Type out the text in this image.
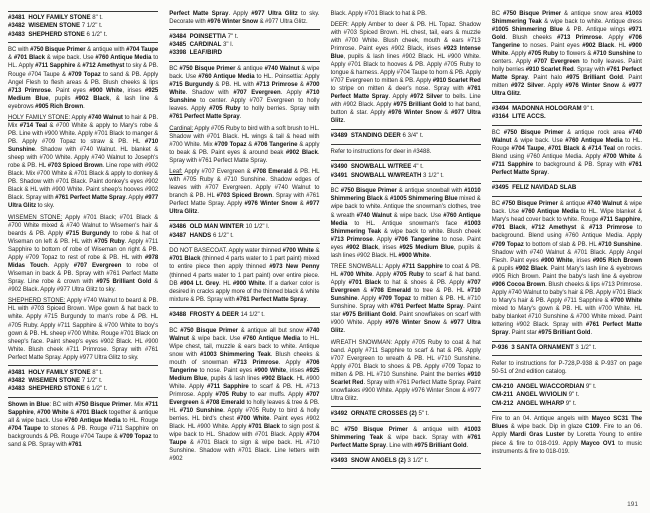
#3481  HOLY FAMILY STONE 8" t.
#3482  WISEMEN STONE 7 1/2" t.
#3483  SHEPHERD STONE 6 1/2" t.

BC with #750 Bisque Primer & antique with #704 Taupe & #701 Black & wipe back. Use #760 Antique Media to HL. Apply #711 Sapphire & #712 Amethyst to sky & PB. Rouge #704 Taupe & #709 Topaz to sand & PB. Apply Angel Flesh to flesh areas & PB. Blush cheeks & lips #713 Primrose. Paint eyes #900 White, irises #925 Medium Blue, pupils #902 Black, & lash line & eyebrows #905 Rich Brown.

HOLY FAMILY STONE: Apply #740 Walnut to hair & PB. Mix #714 Teal & #700 White & apply to Mary's robe & PB. Line with #900 White. Apply #701 Black to manger & PB. Apply #709 Topaz to straw & PB. HL #710 Sunshine. Shadow with #740 Walnut. HL blanket & sheep with #700 White. Apply #740 Walnut to Joseph's robe & PB. HL #703 Spiced Brown. Line rope with #902 Black. Mix #700 White & #701 Black & apply to donkey & PB. Shadow with #701 Black. Paint donkey's eyes #902 Black & HL with #900 White. Paint sheep's hooves #902 Black. Spray with #761 Perfect Matte Spray. Apply #977 Ultra Glitz to sky.

WISEMEN STONE: Apply #701 Black; #701 Black & #700 White mixed & #740 Walnut to Wisemen's hair & beards & PB. Apply #715 Burgundy to robe & hat of Wiseman on left & PB. HL with #705 Ruby. Apply #711 Sapphire to bottom of robe of Wiseman on right & PB. Apply #709 Topaz to rest of robe & PB. HL with #978 Midas Touch. Apply #707 Evergreen to robe of Wiseman in back & PB. Spray with #761 Perfect Matte Spray. Line robe & crown with #975 Brilliant Gold & #902 Black. Apply #977 Ultra Glitz to sky.

SHEPHERD STONE: Apply #740 Walnut to beard & PB. HL with #703 Spiced Brown. Wipe gown & hat back to white. Apply #715 Burgundy to man's robe & PB. HL #705 Ruby. Apply #711 Sapphire & #700 White to boy's gown & PB. HL sheep #700 White. Rouge #701 Black on sheep's face. Paint sheep's eyes #902 Black. HL #900 White. Blush cheek #711 Primrose. Spray with #761 Perfect Matte Spray. Apply #977 Ultra Glitz to sky.

#3481  HOLY FAMILY STONE 8" t.
#3482  WISEMEN STONE 7 1/2" t.
#3483  SHEPHERD STONE 6 1/2" t.

Shown in Blue: BC with #750 Bisque Primer. Mix #711 Sapphire, #700 White & #701 Black together & antique all & wipe back. Use #760 Antique Media to HL. Rouge #704 Taupe to stones & PB. Rouge #711 Sapphire on backgrounds & PB. Rouge #704 Taupe & #709 Topaz to sand & PB. Spray with #761

Perfect Matte Spray. Apply #977 Ultra Glitz to sky. Decorate with #976 Winter Snow & #977 Ultra Glitz.

#3484  POINSETTIA 7" t.
#3485  CARDINAL 3" l.
#3398  LEAF/BIRD

BC #750 Bisque Primer & antique #740 Walnut & wipe back. Use #760 Antique Media to HL. Poinsettia: Apply #715 Burgundy & PB. HL with #713 Primrose & #700 White. Shadow with #707 Evergreen. Apply #710 Sunshine to center. Apply #707 Evergreen to holly leaves. Apply #705 Ruby to holly berries. Spray with #761 Perfect Matte Spray.

Cardinal: Apply #705 Ruby to bird with a soft brush to HL. Shadow with #701 Black. HL wings & tail & head with #700 White. Mix #709 Topaz & #706 Tangerine & apply to beak & PB. Paint eyes & around beak #902 Black. Spray with #761 Perfect Matte Spray.

Leaf: Apply #707 Evergreen & #708 Emerald & PB. HL with #705 Ruby & #710 Sunshine. Shadow edges of leaves with #707 Evergreen. Apply #740 Walnut to branch & PB. HL #703 Spiced Brown. Spray with #761 Perfect Matte Spray. Apply #976 Winter Snow & #977 Ultra Glitz.

#3486  OLD MAN WINTER 10 1/2" l.
#3487  HANDS 6 1/2" t.

DO NOT BASECOAT. Apply water thinned #700 White & #701 Black (thinned 4 parts water to 1 part paint) mixed to entire piece then apply thinned #973 New Penny (thinned 4 parts water to 1 part paint) over entire piece. DB #904 Lt. Grey. HL #900 White. If a darker color is desired in cracks apply more of the thinned black & white mixture & PB. Spray with #761 Perfect Matte Spray.

#3488  FROSTY & DEER 14 1/2" t.

BC #750 Bisque Primer & antique all but snow #740 Walnut & wipe back. Use #760 Antique Media to HL. Wipe chest, tail, muzzle & ears back to white. Antique snow with #1003 Shimmering Teak. Blush cheeks & mouth of snowman #713 Primrose. Apply #706 Tangerine to nose. Paint eyes #900 White, irises #925 Medium Blue, pupils & lash lines #902 Black. HL #900 White. Apply #711 Sapphire to scarf & PB. HL #713 Primrose. Apply #705 Ruby to ear muffs. Apply #707 Evergreen & #708 Emerald to holly leaves & tree & PB. HL #710 Sunshine. Apply #705 Ruby to bird & holly berries. HL bird's chest #700 White. Paint eyes #902 Black. HL #900 White. Apply #701 Black to sign post & wipe back to HL. Shadow with #701 Black. Apply #704 Taupe & #701 Black to sign & wipe back. HL #710 Sunshine. Shadow with #701 Black. Line letters with #902

Black. Apply #701 Black to hat & PB.

DEER: Apply Amber to deer & PB. HL Topaz. Shadow with #703 Spiced Brown. HL chest, tail, ears & muzzle with #700 White. Blush cheek, mouth & ears #713 Primrose. Paint eyes #902 Black, irises #923 Intense Blue, pupils & lash lines #902 Black. HL #900 White. Apply #701 Black to hooves & PB. Apply #705 Ruby to tongue & harness. Apply #704 Taupe to horn & PB. Apply #707 Evergreen to mitten & PB. Apply #910 Scarlet Red to stripe on mitten & deer's nose. Spray with #761 Perfect Matte Spray. Apply #972 Silver to bells. Line with #902 Black. Apply #975 Brilliant Gold to hat band, button & star. Apply #976 Winter Snow & #977 Ultra Glitz.

#3489  STANDING DEER 6 3/4" t.

Refer to instructions for deer in #3488.

#3490  SNOWBALL W/TREE 4" t.
#3491  SNOWBALL W/WREATH 3 1/2" t.

BC #750 Bisque Primer & antique snowball with #1010 Shimmering Black & #1005 Shimmering Blue mixed & wipe back to white. Antique the snowman's clothes, tree & wreath #740 Walnut & wipe back. Use #760 Antique Media to HL. Antique snowman's face #1003 Shimmering Teak & wipe back to white. Blush cheek #713 Primrose. Apply #706 Tangerine to nose. Paint eyes #902 Black, irises #925 Medium Blue, pupils & lash lines #902 Black. HL #900 White.

TREE SNOWBALL: Apply #711 Sapphire to coat & PB. HL #700 White. Apply #705 Ruby to scarf & hat band. Apply #701 Black to hat & shoes & PB. Apply #707 Evergreen & #708 Emerald to tree & PB. HL #710 Sunshine. Apply #709 Topaz to mitten & PB. HL #710 Sunshine. Spray with #761 Perfect Matte Spray. Paint star #975 Brilliant Gold. Paint snowflakes on scarf with #900 White. Apply #976 Winter Snow & #977 Ultra Glitz.

WREATH SNOWMAN: Apply #705 Ruby to coat & hat band. Apply #711 Sapphire to scarf & hat & PB. Apply #707 Evergreen to wreath & PB. HL #710 Sunshine. Apply #701 Black to shoes & PB. Apply #709 Topaz to mitten & PB. HL #710 Sunshine. Paint the berries #910 Scarlet Red. Spray with #761 Perfect Matte Spray. Paint snowflakes #900 White. Apply #976 Winter Snow & #977 Ultra Glitz.

#3492  ORNATE CROSSES (2) 5" t.

BC #750 Bisque Primer & antique with #1003 Shimmering Teak & wipe back. Spray with #761 Perfect Matte Spray. Line with #975 Brilliant Gold.

#3493  SNOW ANGELS (2) 3 1/2" t.

BC #750 Bisque Primer & antique snow area #1003 Shimmering Teak & wipe back to white. Antique dress #1005 Shimmering Blue & PB. Antique wings #971 Gold. Blush cheeks #713 Primrose. Apply #706 Tangerine to noses. Paint eyes #902 Black. HL #900 White. Apply #705 Ruby to flowers & #710 Sunshine to centers. Apply #707 Evergreen to holly leaves. Paint holly berries #910 Scarlet Red. Spray with #761 Perfect Matte Spray. Paint halo #975 Brilliant Gold. Paint mitten #972 Silver. Apply #976 Winter Snow & #977 Ultra Glitz.

#3494  MADONNA HOLOGRAM 9" t.
#3164  LITE ACCS.

BC #750 Bisque Primer & antique rock area #740 Walnut & wipe back. Use #760 Antique Media to HL. Rouge #704 Taupe, #701 Black & #714 Teal on rocks. Blend using #760 Antique Media. Apply #700 White & #711 Sapphire to background & PB. Spray with #761 Perfect Matte Spray.

#3495  FELIZ NAVIDAD SLAB

BC #750 Bisque Primer & antique #740 Walnut & wipe back. Use #760 Antique Media to HL. Wipe blanket & Mary's head cover back to white. Rouge #711 Sapphire, #701 Black, #712 Amethyst & #713 Primrose to background. Blend using #760 Antique Media. Apply #709 Topaz to bottom of slab & PB. HL #710 Sunshine. Shadow with #740 Walnut & #701 Black. Apply Angel Flesh. Paint eyes #900 White, irises #905 Rich Brown & pupils #902 Black. Paint Mary's lash line & eyebrows #905 Rich Brown. Paint the baby's lash line & eyebrow #906 Cocoa Brown. Blush cheeks & lips #713 Primrose. Apply #740 Walnut to baby's hair & PB. Apply #701 Black to Mary's hair & PB. Apply #711 Sapphire & #700 White mixed to Mary's gown & PB. HL with #700 White. HL baby blanket #710 Sunshine & #700 White mixed. Paint lettering #902 Black. Spray with #761 Perfect Matte Spray. Paint star #975 Brilliant Gold.

P-936  3 SANTA ORNAMENT 3 1/2" t.

Refer to instructions for P-728,P-938 & P-937 on page 50-51 of 2nd edition catalog.

CM-210  ANGEL W/ACCORDIAN 9" t.
CM-211  ANGEL W/VIOLIN 9" t.
CM-212  ANGEL W/HARP 9" t.

Fire to an 04. Antique angels with Mayco SC31 The Blues & wipe back. Dip in glaze C109. Fire to an 06. Apply Mardi Gras Luster by Loretta Young to entire piece & fire to 018-019. Apply Mayco OV1 to music instruments & fire to 018-019.

191
